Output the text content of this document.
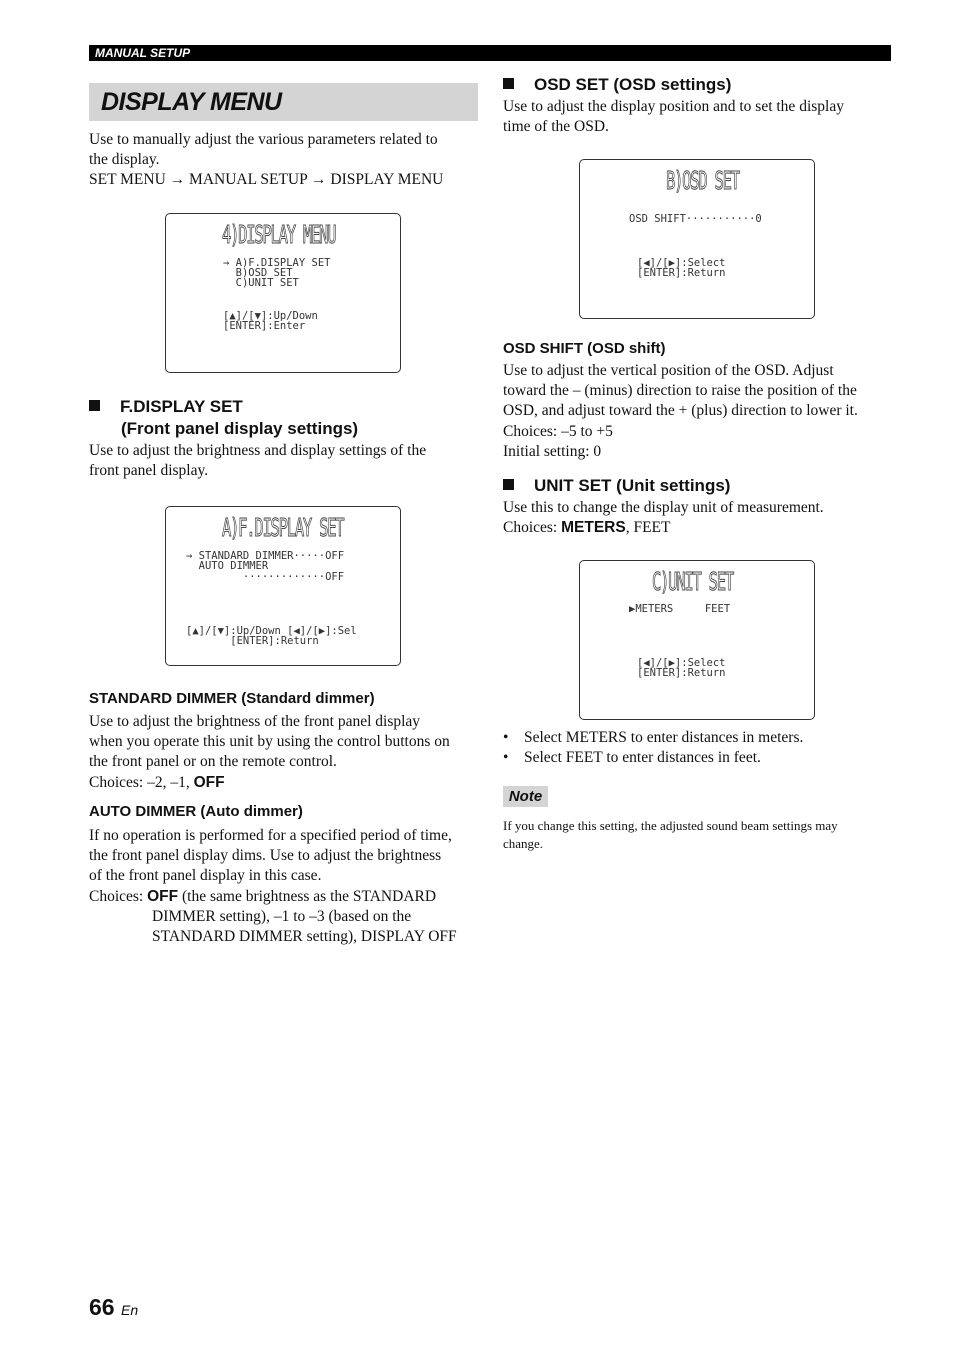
MANUAL SETUP
DISPLAY MENU
Use to manually adjust the various parameters related to
the display.
SET MENU → MANUAL SETUP → DISPLAY MENU
4)DISPLAY MENU
→ A)F.DISPLAY SET
B)OSD SET
C)UNIT SET
[▲]/[▼]:Up/Down
[ENTER]:Enter
F.DISPLAY SET
(Front panel display settings)
Use to adjust the brightness and display settings of the
front panel display.
A)F.DISPLAY SET
→ STANDARD DIMMER·····OFF
AUTO DIMMER
·············OFF
[▲]/[▼]:Up/Down [◀]/[▶]:Sel
[ENTER]:Return
STANDARD DIMMER (Standard dimmer)
Use to adjust the brightness of the front panel display
when you operate this unit by using the control buttons on
the front panel or on the remote control.
Choices: –2, –1, OFF
AUTO DIMMER (Auto dimmer)
If no operation is performed for a specified period of time,
the front panel display dims. Use to adjust the brightness
of the front panel display in this case.
Choices: OFF (the same brightness as the STANDARD
DIMMER setting), –1 to –3 (based on the
STANDARD DIMMER setting), DISPLAY OFF
OSD SET (OSD settings)
Use to adjust the display position and to set the display
time of the OSD.
B)OSD SET
OSD SHIFT···········0
[◀]/[▶]:Select
[ENTER]:Return
OSD SHIFT (OSD shift)
Use to adjust the vertical position of the OSD. Adjust
toward the – (minus) direction to raise the position of the
OSD, and adjust toward the + (plus) direction to lower it.
Choices: –5 to +5
Initial setting: 0
UNIT SET (Unit settings)
Use this to change the display unit of measurement.
Choices: METERS, FEET
C)UNIT SET
▶METERS     FEET
[◀]/[▶]:Select
[ENTER]:Return
• Select METERS to enter distances in meters.
• Select FEET to enter distances in feet.
Note
If you change this setting, the adjusted sound beam settings may
change.
66 En
